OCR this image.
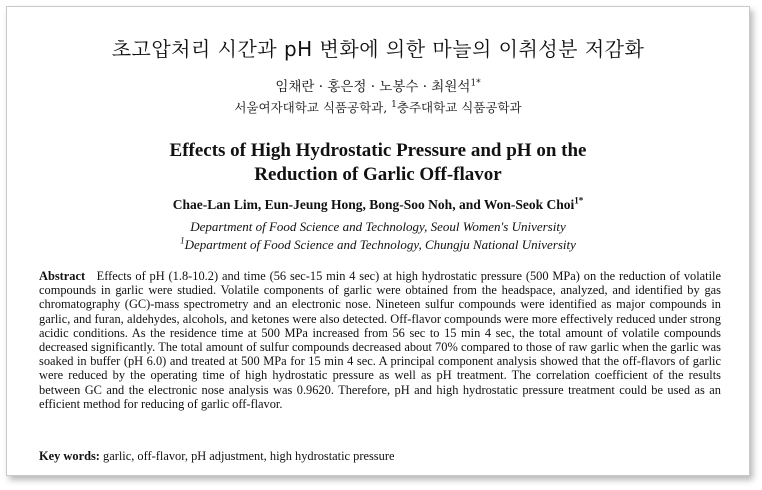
초고압처리 시간과 pH 변화에 의한 마늘의 이취성분 저감화
임채란 · 홍은정 · 노봉수 · 최원석$^{1*}$
서울여자대학교 식품공학과, $^1$충주대학교 식품공학과
Effects of High Hydrostatic Pressure and pH on the
Reduction of Garlic Off-flavor
Chae-Lan Lim, Eun-Jeung Hong, Bong-Soo Noh, and Won-Seok Choi$^{1*}$
Department of Food Science and Technology, Seoul Women's University
$^1$Department of Food Science and Technology, Chungju National University
Abstract Effects of pH (1.8-10.2) and time (56 sec-15 min 4 sec) at high hydrostatic pressure (500 MPa) on the reduction of volatile compounds in garlic were studied. Volatile components of garlic were obtained from the headspace, analyzed, and identified by gas chromatography (GC)-mass spectrometry and an electronic nose. Nineteen sulfur compounds were identified as major compounds in garlic, and furan, aldehydes, alcohols, and ketones were also detected. Off-flavor compounds were more effectively reduced under strong acidic conditions. As the residence time at 500 MPa increased from 56 sec to 15 min 4 sec, the total amount of volatile compounds decreased significantly. The total amount of sulfur compounds decreased about 70% compared to those of raw garlic when the garlic was soaked in buffer (pH 6.0) and treated at 500 MPa for 15 min 4 sec. A principal component analysis showed that the off-flavors of garlic were reduced by the operating time of high hydrostatic pressure as well as pH treatment. The correlation coefficient of the results between GC and the electronic nose analysis was 0.9620. Therefore, pH and high hydrostatic pressure treatment could be used as an efficient method for reducing of garlic off-flavor.
Key words: garlic, off-flavor, pH adjustment, high hydrostatic pressure
